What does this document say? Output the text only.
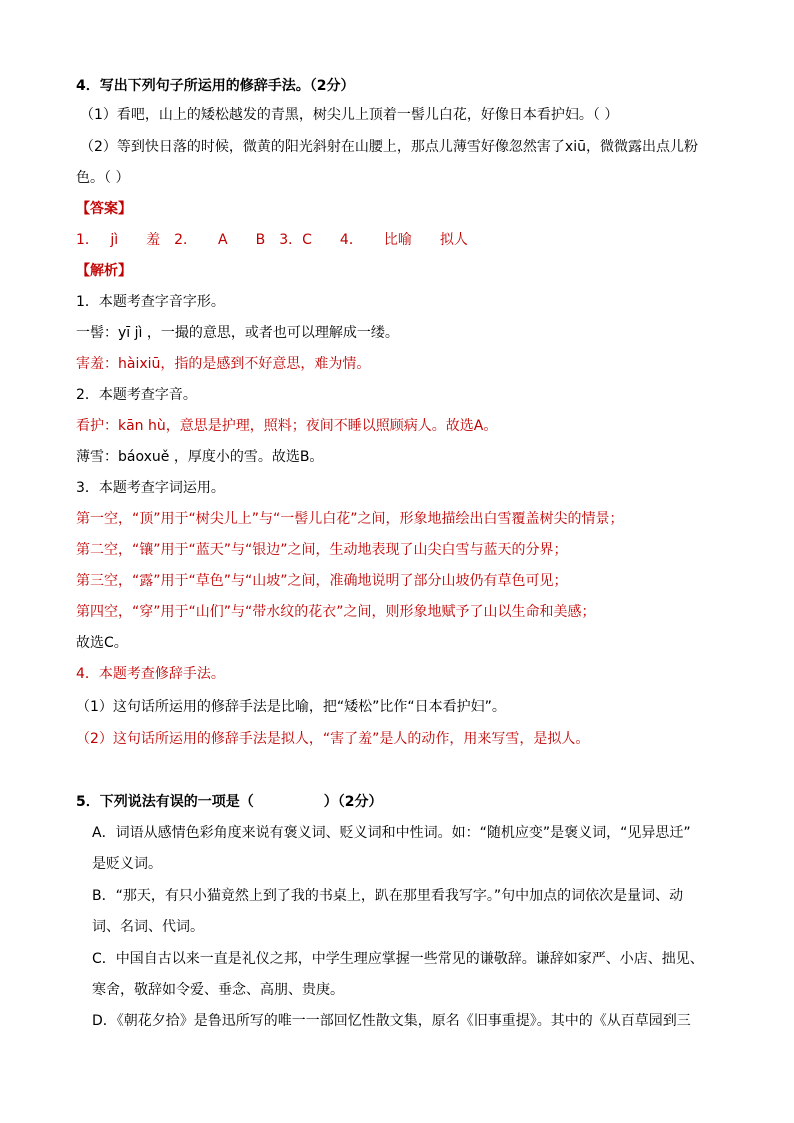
4．写出下列句子所运用的修辞手法。（2分）
（1）看吧，山上的矮松越发的青黑，树尖儿上顶着一髻儿白花，好像日本看护妇。（ ）
（2）等到快日落的时候，微黄的阳光斜射在山腰上，那点儿薄雪好像忽然害了xiū，微微露出点儿粉
色。（ ）
【答案】
1．　 jì　　羞　2．　　A　　B　3．C　　4．　　比喻　　拟人
【解析】
1．本题考查字音字形。
一髻：yī jì ，一撮的意思，或者也可以理解成一缕。
害羞：hàixiū，指的是感到不好意思，难为情。
2．本题考查字音。
看护：kān hù，意思是护理，照料；夜间不睡以照顾病人。故选A。
薄雪：báoxuě ，厚度小的雪。故选B。
3．本题考查字词运用。
第一空，“顶”用于“树尖儿上”与“一髻儿白花”之间，形象地描绘出白雪覆盖树尖的情景；
第二空，“镶”用于“蓝天”与“银边”之间，生动地表现了山尖白雪与蓝天的分界；
第三空，“露”用于“草色”与“山坡”之间，准确地说明了部分山坡仍有草色可见；
第四空，“穿”用于“山们”与“带水纹的花衣”之间，则形象地赋予了山以生命和美感；
故选C。
4．本题考查修辞手法。
（1）这句话所运用的修辞手法是比喻，把“矮松”比作“日本看护妇”。
（2）这句话所运用的修辞手法是拟人，“害了羞”是人的动作，用来写雪，是拟人。
5．下列说法有误的一项是（　　　　　）（2分）
A．词语从感情色彩角度来说有褒义词、贬义词和中性词。如：“随机应变”是褒义词，“见异思迁”
是贬义词。
B．“那天，有只小猫竟然上到了我的书桌上，趴在那里看我写字。”句中加点的词依次是量词、动
词、名词、代词。
C．中国自古以来一直是礼仪之邦，中学生理应掌握一些常见的谦敬辞。谦辞如家严、小店、拙见、
寒舍，敬辞如令爱、垂念、高朋、贵庚。
D．《朝花夕拾》是鲁迅所写的唯一一部回忆性散文集，原名《旧事重提》。其中的《从百草园到三
